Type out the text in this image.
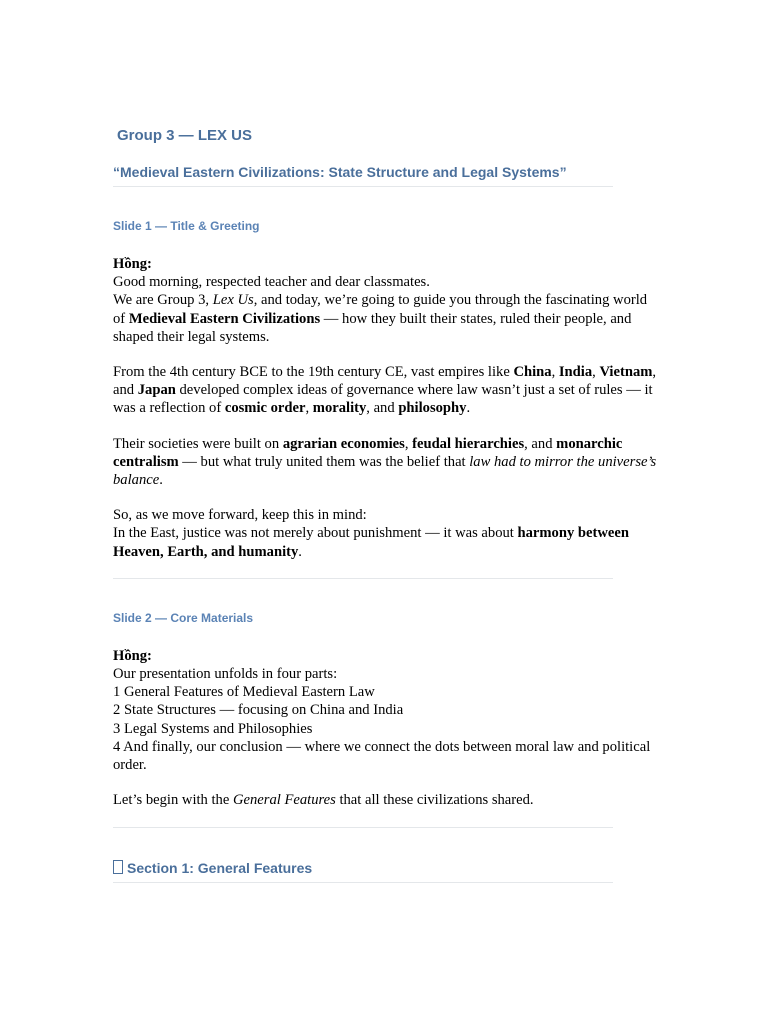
Group 3 — LEX US
“Medieval Eastern Civilizations: State Structure and Legal Systems”
Slide 1 — Title & Greeting

Hồng:
Good morning, respected teacher and dear classmates.
We are Group 3, Lex Us, and today, we’re going to guide you through the fascinating world of Medieval Eastern Civilizations — how they built their states, ruled their people, and shaped their legal systems.

From the 4th century BCE to the 19th century CE, vast empires like China, India, Vietnam, and Japan developed complex ideas of governance where law wasn’t just a set of rules — it was a reflection of cosmic order, morality, and philosophy.

Their societies were built on agrarian economies, feudal hierarchies, and monarchic centralism — but what truly united them was the belief that law had to mirror the universe’s balance.

So, as we move forward, keep this in mind:
In the East, justice was not merely about punishment — it was about harmony between Heaven, Earth, and humanity.

Slide 2 — Core Materials

Hồng:
Our presentation unfolds in four parts:
1 General Features of Medieval Eastern Law
2 State Structures — focusing on China and India
3 Legal Systems and Philosophies
4 And finally, our conclusion — where we connect the dots between moral law and political order.

Let’s begin with the General Features that all these civilizations shared.

Section 1: General Features
